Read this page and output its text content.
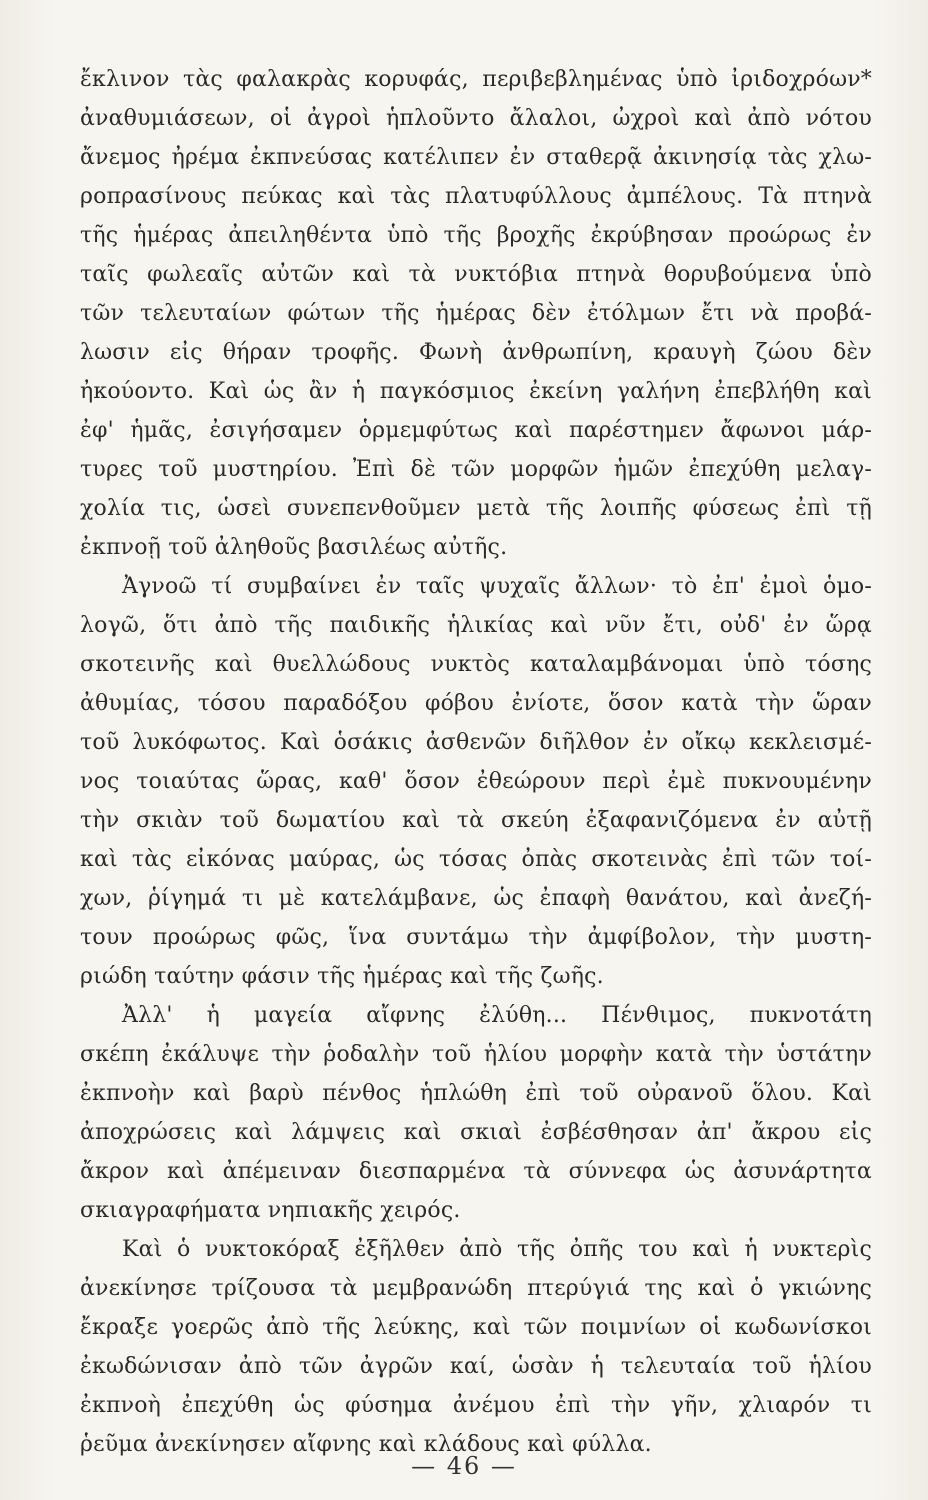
ἔκλινον τὰς φαλακρὰς κορυφάς, περιβεβλημένας ὑπὸ ἰριδοχρόων*
ἀναθυμιάσεων, οἱ ἀγροὶ ἡπλοῦντο ἄλαλοι, ὠχροὶ καὶ ἀπὸ νότου
ἄνεμος ἠρέμα ἐκπνεύσας κατέλιπεν ἐν σταθερᾷ ἀκινησίᾳ τὰς χλω-
ροπρασίνους πεύκας καὶ τὰς πλατυφύλλους ἀμπέλους. Τὰ πτηνὰ
τῆς ἡμέρας ἀπειληθέντα ὑπὸ τῆς βροχῆς ἐκρύβησαν προώρως ἐν
ταῖς φωλεαῖς αὐτῶν καὶ τὰ νυκτόβια πτηνὰ θορυβούμενα ὑπὸ
τῶν τελευταίων φώτων τῆς ἡμέρας δὲν ἐτόλμων ἔτι νὰ προβά-
λωσιν εἰς θήραν τροφῆς. Φωνὴ ἀνθρωπίνη, κραυγὴ ζώου δὲν
ἠκούοντο. Καὶ ὡς ἂν ἡ παγκόσμιος ἐκείνη γαλήνη ἐπεβλήθη καὶ
ἐφ' ἡμᾶς, ἐσιγήσαμεν ὁρμεμφύτως καὶ παρέστημεν ἄφωνοι μάρ-
τυρες τοῦ μυστηρίου. Ἐπὶ δὲ τῶν μορφῶν ἡμῶν ἐπεχύθη μελαγ-
χολία τις, ὡσεὶ συνεπενθοῦμεν μετὰ τῆς λοιπῆς φύσεως ἐπὶ τῇ
ἐκπνοῇ τοῦ ἀληθοῦς βασιλέως αὐτῆς.
Ἀγνοῶ τί συμβαίνει ἐν ταῖς ψυχαῖς ἄλλων· τὸ ἐπ' ἐμοὶ ὁμο-
λογῶ, ὅτι ἀπὸ τῆς παιδικῆς ἡλικίας καὶ νῦν ἔτι, οὐδ' ἐν ὥρᾳ
σκοτεινῆς καὶ θυελλώδους νυκτὸς καταλαμβάνομαι ὑπὸ τόσης
ἀθυμίας, τόσου παραδόξου φόβου ἐνίοτε, ὅσον κατὰ τὴν ὥραν
τοῦ λυκόφωτος. Καὶ ὁσάκις ἀσθενῶν διῆλθον ἐν οἴκῳ κεκλεισμέ-
νος τοιαύτας ὥρας, καθ' ὅσον ἐθεώρουν περὶ ἐμὲ πυκνουμένην
τὴν σκιὰν τοῦ δωματίου καὶ τὰ σκεύη ἐξαφανιζόμενα ἐν αὐτῇ
καὶ τὰς εἰκόνας μαύρας, ὡς τόσας ὀπὰς σκοτεινὰς ἐπὶ τῶν τοί-
χων, ῥίγημά τι μὲ κατελάμβανε, ὡς ἐπαφὴ θανάτου, καὶ ἀνεζή-
τουν προώρως φῶς, ἵνα συντάμω τὴν ἀμφίβολον, τὴν μυστη-
ριώδη ταύτην φάσιν τῆς ἡμέρας καὶ τῆς ζωῆς.
Ἀλλ' ἡ μαγεία αἴφνης ἐλύθη... Πένθιμος, πυκνοτάτη
σκέπη ἐκάλυψε τὴν ῥοδαλὴν τοῦ ἡλίου μορφὴν κατὰ τὴν ὑστάτην
ἐκπνοὴν καὶ βαρὺ πένθος ἡπλώθη ἐπὶ τοῦ οὐρανοῦ ὅλου. Καὶ
ἀποχρώσεις καὶ λάμψεις καὶ σκιαὶ ἐσβέσθησαν ἀπ' ἄκρου εἰς
ἄκρον καὶ ἀπέμειναν διεσπαρμένα τὰ σύννεφα ὡς ἀσυνάρτητα
σκιαγραφήματα νηπιακῆς χειρός.
Καὶ ὁ νυκτοκόραξ ἐξῆλθεν ἀπὸ τῆς ὀπῆς του καὶ ἡ νυκτερὶς
ἀνεκίνησε τρίζουσα τὰ μεμβρανώδη πτερύγιά της καὶ ὁ γκιώνης
ἔκραξε γοερῶς ἀπὸ τῆς λεύκης, καὶ τῶν ποιμνίων οἱ κωδωνίσκοι
ἐκωδώνισαν ἀπὸ τῶν ἀγρῶν καί, ὡσὰν ἡ τελευταία τοῦ ἡλίου
ἐκπνοὴ ἐπεχύθη ὡς φύσημα ἀνέμου ἐπὶ τὴν γῆν, χλιαρόν τι
ῥεῦμα ἀνεκίνησεν αἴφνης καὶ κλάδους καὶ φύλλα.
— 46 —
